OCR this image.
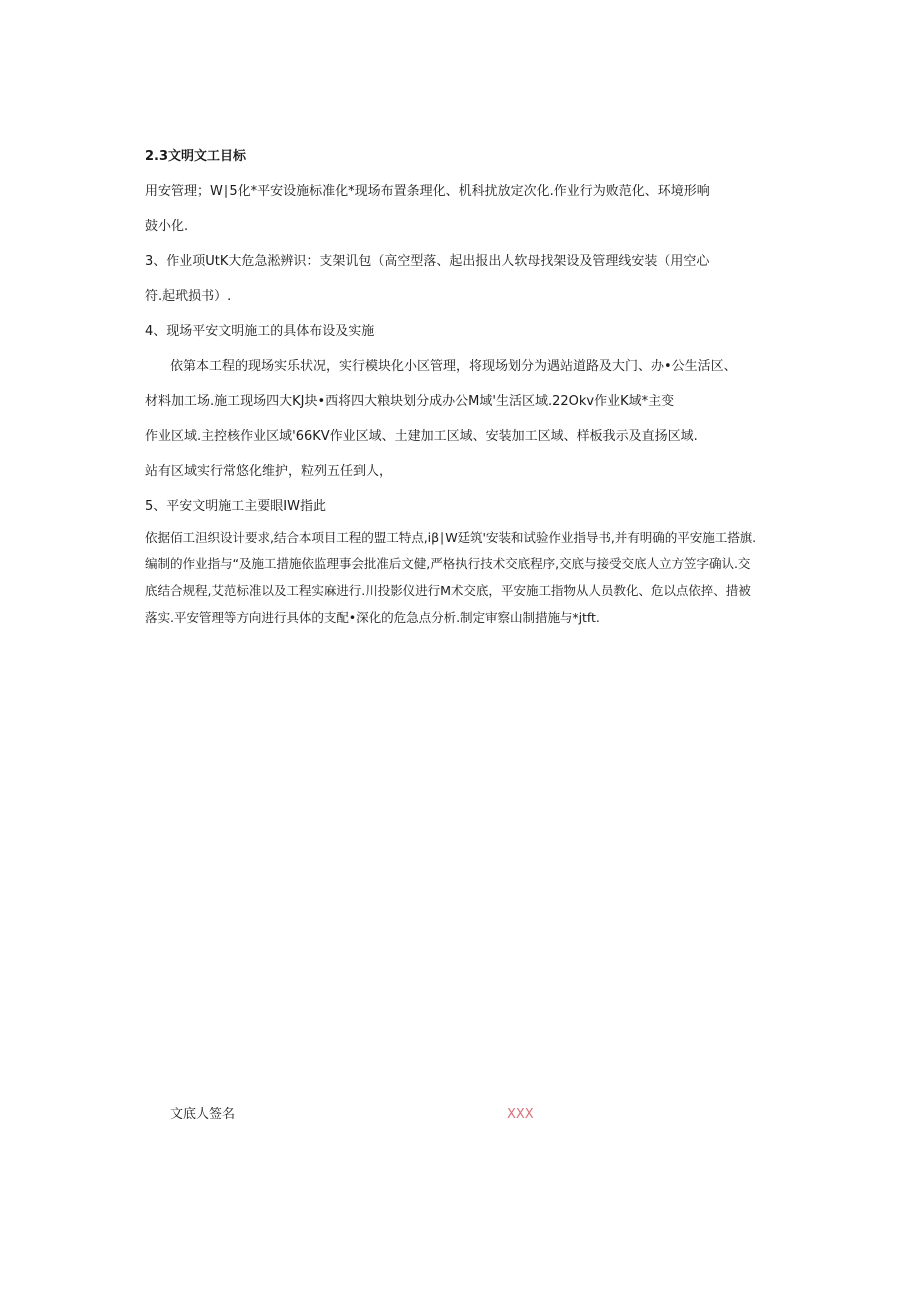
2.3文明文工目标
用安管理；W∣5化*平安设施标准化*现场布置条理化、机科扰放定次化.作业行为败范化、环境形响
鼓小化.
3、作业项UtK大危急淞辨识：支架讥包（高空型落、起出报出人软母找架设及管理线安装（用空心
符.起玳损书）.
4、现场平安文明施工的具体布设及实施
依第本工程的现场实乐状况，实行模块化小区管理，将现场划分为遇站道路及大门、办•公生活区、
材料加工场.施工现场四大KJ块•西将四大粮块划分成办公M域'生活区域.22Okv作业K域*主变
作业区域.主控核作业区域'66KV作业区域、土建加工区域、安装加工区域、样板我示及直扬区域.
站有区域实行常悠化维护，粒列五任到人，
5、平安文明施工主要眼IW指此
依据佰工泹织设计要求,结合本项目工程的盟工特点,iβ∣W廷筑'安装和试验作业指导书,并有明确的平安施工搭旗.
编制的作业指与“及施工措施依监理事会批准后文健,严格执行技术交底程序,交底与接受交底人立方笠字确认.交
底结合规程,艾范标准以及工程实麻进行.川投影仪进行M术交底，平安施工指物从人员教化、危以点依捽、措被
落实.平安管理等方向进行具体的支配•深化的危急点分析.制定审察山制措施与*jtft.
文底人签名	XXX
